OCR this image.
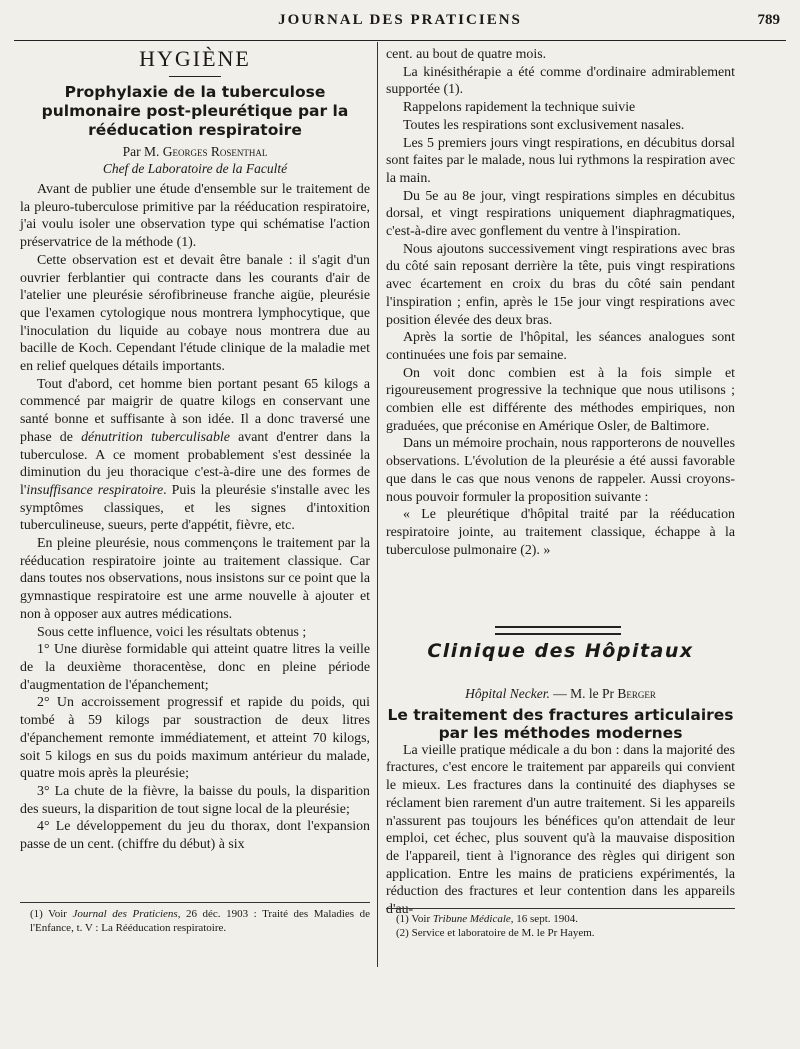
JOURNAL DES PRATICIENS	789
HYGIÈNE
Prophylaxie de la tuberculose pulmonaire post-pleurétique par la rééducation respiratoire

Par M. Georges Rosenthal

Chef de Laboratoire de la Faculté

Avant de publier une étude d'ensemble sur le traitement de la pleuro-tuberculose primitive par la rééducation respiratoire, j'ai voulu isoler une observation type qui schématise l'action préservatrice de la méthode (1).

Cette observation est et devait être banale : il s'agit d'un ouvrier ferblantier qui contracte dans les courants d'air de l'atelier une pleurésie sérofibrineuse franche aigüe, pleurésie que l'examen cytologique nous montrera lymphocytique, que l'inoculation du liquide au cobaye nous montrera due au bacille de Koch. Cependant l'étude clinique de la maladie met en relief quelques détails importants.

Tout d'abord, cet homme bien portant pesant 65 kilogs a commencé par maigrir de quatre kilogs en conservant une santé bonne et suffisante à son idée. Il a donc traversé une phase de dénutrition tuberculisable avant d'entrer dans la tuberculose. A ce moment probablement s'est dessinée la diminution du jeu thoracique c'est-à-dire une des formes de l'insuffisance respiratoire. Puis la pleurésie s'installe avec les symptômes classiques, et les signes d'intoxition tuberculineuse, sueurs, perte d'appétit, fièvre, etc.

En pleine pleurésie, nous commençons le traitement par la rééducation respiratoire jointe au traitement classique. Car dans toutes nos observations, nous insistons sur ce point que la gymnastique respiratoire est une arme nouvelle à ajouter et non à opposer aux autres médications.

Sous cette influence, voici les résultats obtenus ;

1° Une diurèse formidable qui atteint quatre litres la veille de la deuxième thoracentèse, donc en pleine période d'augmentation de l'épanchement;

2° Un accroissement progressif et rapide du poids, qui tombé à 59 kilogs par soustraction de deux litres d'épanchement remonte immédiatement, et atteint 70 kilogs, soit 5 kilogs en sus du poids maximum antérieur du malade, quatre mois après la pleurésie;

3° La chute de la fièvre, la baisse du pouls, la disparition des sueurs, la disparition de tout signe local de la pleurésie;

4° Le développement du jeu du thorax, dont l'expansion passe de un cent. (chiffre du début) à six

(1) Voir Journal des Praticiens, 26 déc. 1903 : Traité des Maladies de l'Enfance, t. V : La Rééducation respiratoire.

cent. au bout de quatre mois.

La kinésithérapie a été comme d'ordinaire admirablement supportée (1).

Rappelons rapidement la technique suivie

Toutes les respirations sont exclusivement nasales.

Les 5 premiers jours vingt respirations, en décubitus dorsal sont faites par le malade, nous lui rythmons la respiration avec la main.

Du 5e au 8e jour, vingt respirations simples en décubitus dorsal, et vingt respirations uniquement diaphragmatiques, c'est-à-dire avec gonflement du ventre à l'inspiration.

Nous ajoutons successivement vingt respirations avec bras du côté sain reposant derrière la tête, puis vingt respirations avec écartement en croix du bras du côté sain pendant l'inspiration ; enfin, après le 15e jour vingt respirations avec position élevée des deux bras.

Après la sortie de l'hôpital, les séances analogues sont continuées une fois par semaine.

On voit donc combien est à la fois simple et rigoureusement progressive la technique que nous utilisons ; combien elle est différente des méthodes empiriques, non graduées, que préconise en Amérique Osler, de Baltimore.

Dans un mémoire prochain, nous rapporterons de nouvelles observations. L'évolution de la pleurésie a été aussi favorable que dans le cas que nous venons de rappeler. Aussi croyons-nous pouvoir formuler la proposition suivante :

« Le pleurétique d'hôpital traité par la rééducation respiratoire jointe, au traitement classique, échappe à la tuberculose pulmonaire (2). »

Clinique des Hôpitaux

Hôpital Necker. — M. le Pr Berger

Le traitement des fractures articulaires par les méthodes modernes

La vieille pratique médicale a du bon : dans la majorité des fractures, c'est encore le traitement par appareils qui convient le mieux. Les fractures dans la continuité des diaphyses se réclament bien rarement d'un autre traitement. Si les appareils n'assurent pas toujours les bénéfices qu'on attendait de leur emploi, cet échec, plus souvent qu'à la mauvaise disposition de l'appareil, tient à l'ignorance des règles qui dirigent son application. Entre les mains de praticiens expérimentés, la réduction des fractures et leur contention dans les appareils d'au-

(1) Voir Tribune Médicale, 16 sept. 1904.

(2) Service et laboratoire de M. le Pr Hayem.
